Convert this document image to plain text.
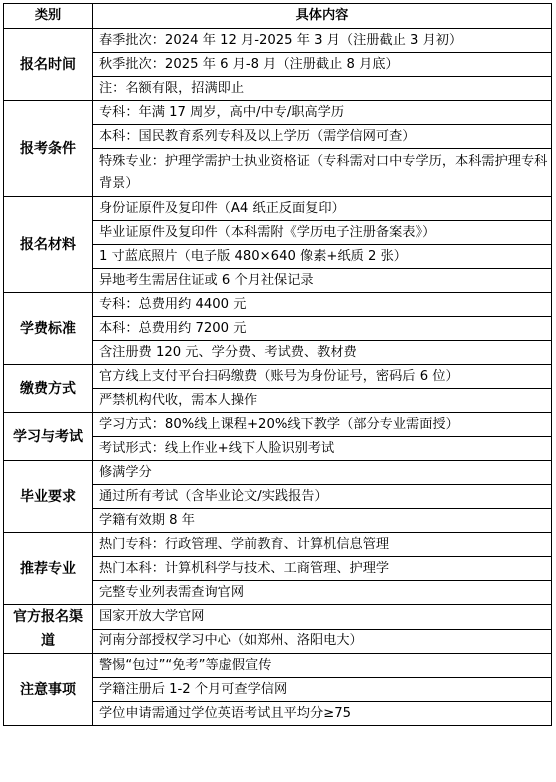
类别	具体内容
报名时间	春季批次：2024 年 12 月-2025 年 3 月（注册截止 3 月初）
	秋季批次：2025 年 6 月-8 月（注册截止 8 月底）
	注：名额有限，招满即止
报考条件	专科：年满 17 周岁，高中/中专/职高学历
	本科：国民教育系列专科及以上学历（需学信网可查）
	特殊专业：护理学需护士执业资格证（专科需对口中专学历，本科需护理专科背景）
报名材料	身份证原件及复印件（A4 纸正反面复印）
	毕业证原件及复印件（本科需附《学历电子注册备案表》）
	1 寸蓝底照片（电子版 480×640 像素+纸质 2 张）
	异地考生需居住证或 6 个月社保记录
学费标准	专科：总费用约 4400 元
	本科：总费用约 7200 元
	含注册费 120 元、学分费、考试费、教材费
缴费方式	官方线上支付平台扫码缴费（账号为身份证号，密码后 6 位）
	严禁机构代收，需本人操作
学习与考试	学习方式：80%线上课程+20%线下教学（部分专业需面授）
	考试形式：线上作业+线下人脸识别考试
毕业要求	修满学分
	通过所有考试（含毕业论文/实践报告）
	学籍有效期 8 年
推荐专业	热门专科：行政管理、学前教育、计算机信息管理
	热门本科：计算机科学与技术、工商管理、护理学
	完整专业列表需查询官网
官方报名渠道	国家开放大学官网
	河南分部授权学习中心（如郑州、洛阳电大）
注意事项	警惕“包过”“免考”等虚假宣传
	学籍注册后 1-2 个月可查学信网
	学位申请需通过学位英语考试且平均分≥75
